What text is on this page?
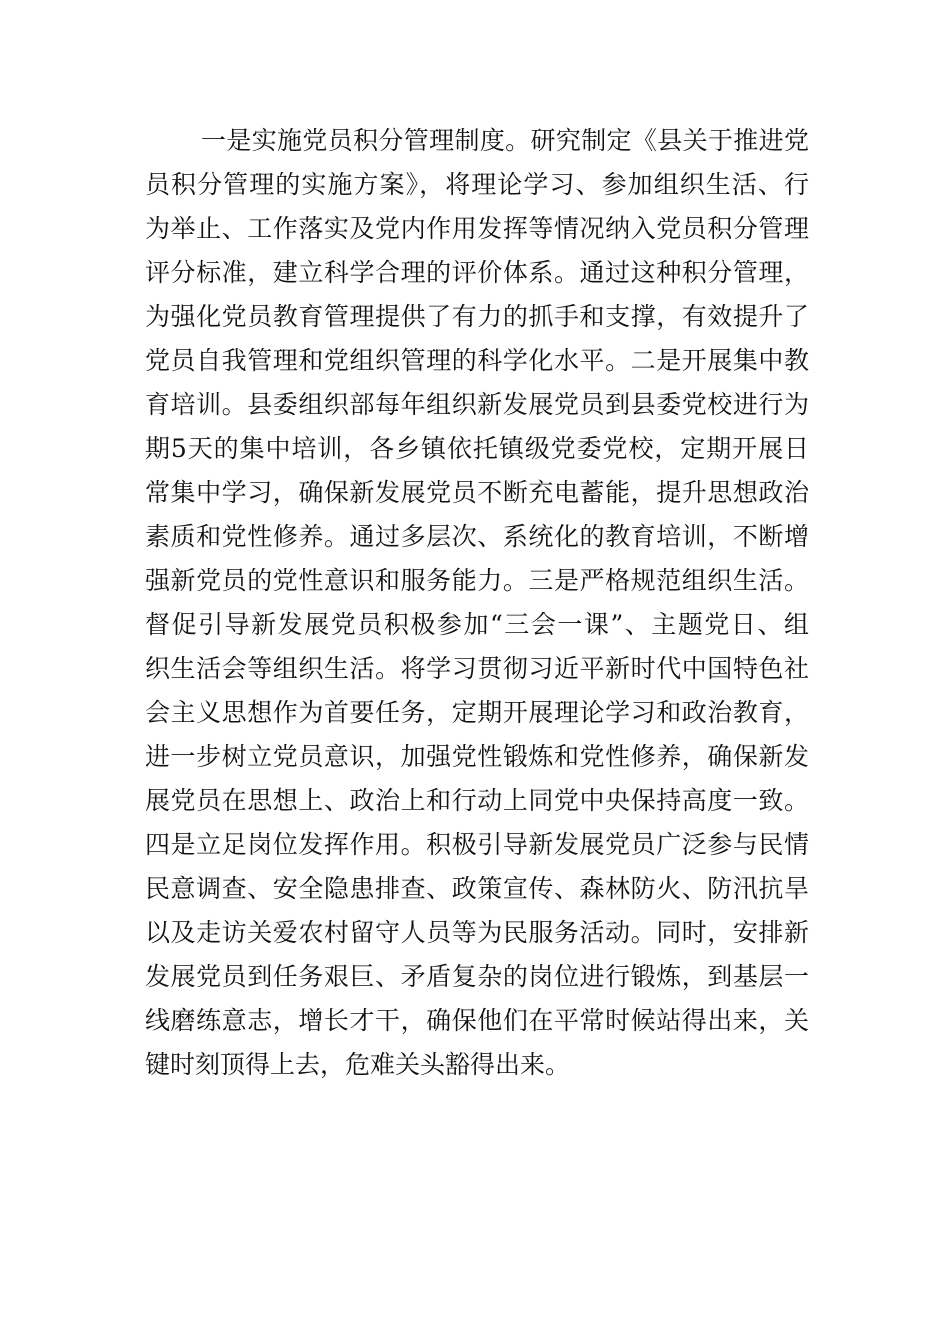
一是实施党员积分管理制度。研究制定《县关于推进党
员积分管理的实施方案》，将理论学习、参加组织生活、行
为举止、工作落实及党内作用发挥等情况纳入党员积分管理
评分标准，建立科学合理的评价体系。通过这种积分管理，
为强化党员教育管理提供了有力的抓手和支撑，有效提升了
党员自我管理和党组织管理的科学化水平。二是开展集中教
育培训。县委组织部每年组织新发展党员到县委党校进行为
期5天的集中培训，各乡镇依托镇级党委党校，定期开展日
常集中学习，确保新发展党员不断充电蓄能，提升思想政治
素质和党性修养。通过多层次、系统化的教育培训，不断增
强新党员的党性意识和服务能力。三是严格规范组织生活。
督促引导新发展党员积极参加“三会一课”、主题党日、组
织生活会等组织生活。将学习贯彻习近平新时代中国特色社
会主义思想作为首要任务，定期开展理论学习和政治教育，
进一步树立党员意识，加强党性锻炼和党性修养，确保新发
展党员在思想上、政治上和行动上同党中央保持高度一致。
四是立足岗位发挥作用。积极引导新发展党员广泛参与民情
民意调查、安全隐患排查、政策宣传、森林防火、防汛抗旱
以及走访关爱农村留守人员等为民服务活动。同时，安排新
发展党员到任务艰巨、矛盾复杂的岗位进行锻炼，到基层一
线磨练意志，增长才干，确保他们在平常时候站得出来，关
键时刻顶得上去，危难关头豁得出来。
